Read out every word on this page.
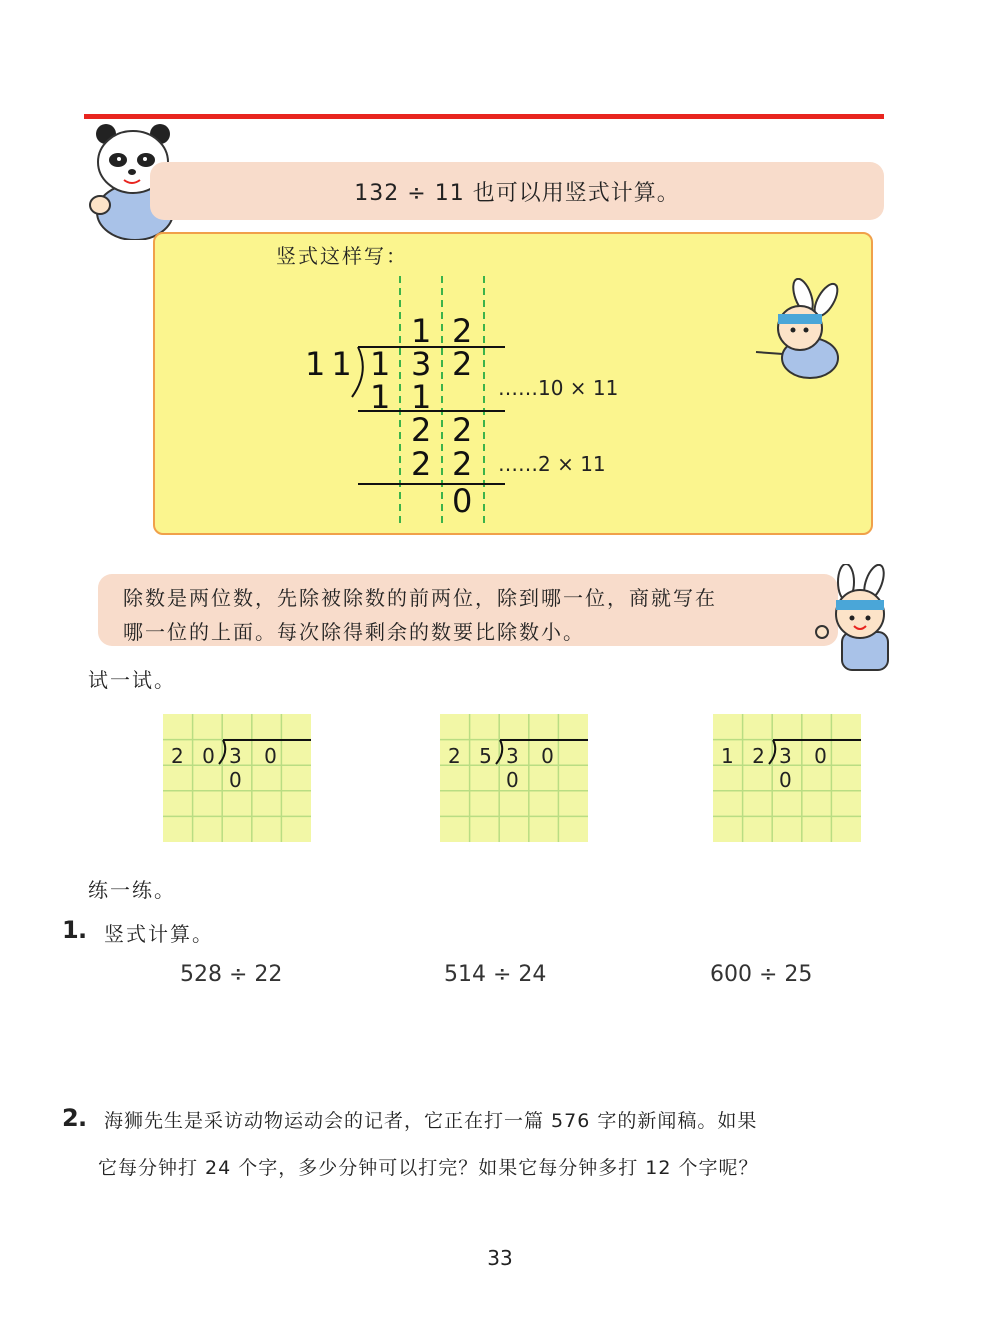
132 ÷ 11 也可以用竖式计算。
竖式这样写：
1 2
11 1 3 2
1 1
2 2
2 2
0
……10 × 11
……2 × 11

除数是两位数，先除被除数的前两位，除到哪一位，商就写在

哪一位的上面。每次除得剩余的数要比除数小。

试一试。
2 0 3 0 0
2 5 3 0 0
1 2 3 0 0
练一练。
1 . 竖式计算。
528 ÷ 22	514 ÷ 24	600 ÷ 25
2 . 海狮先生是采访动物运动会的记者，它正在打一篇 576 字的新闻稿。如果
它每分钟打 24 个字，多少分钟可以打完？如果它每分钟多打 12 个字呢？
33
